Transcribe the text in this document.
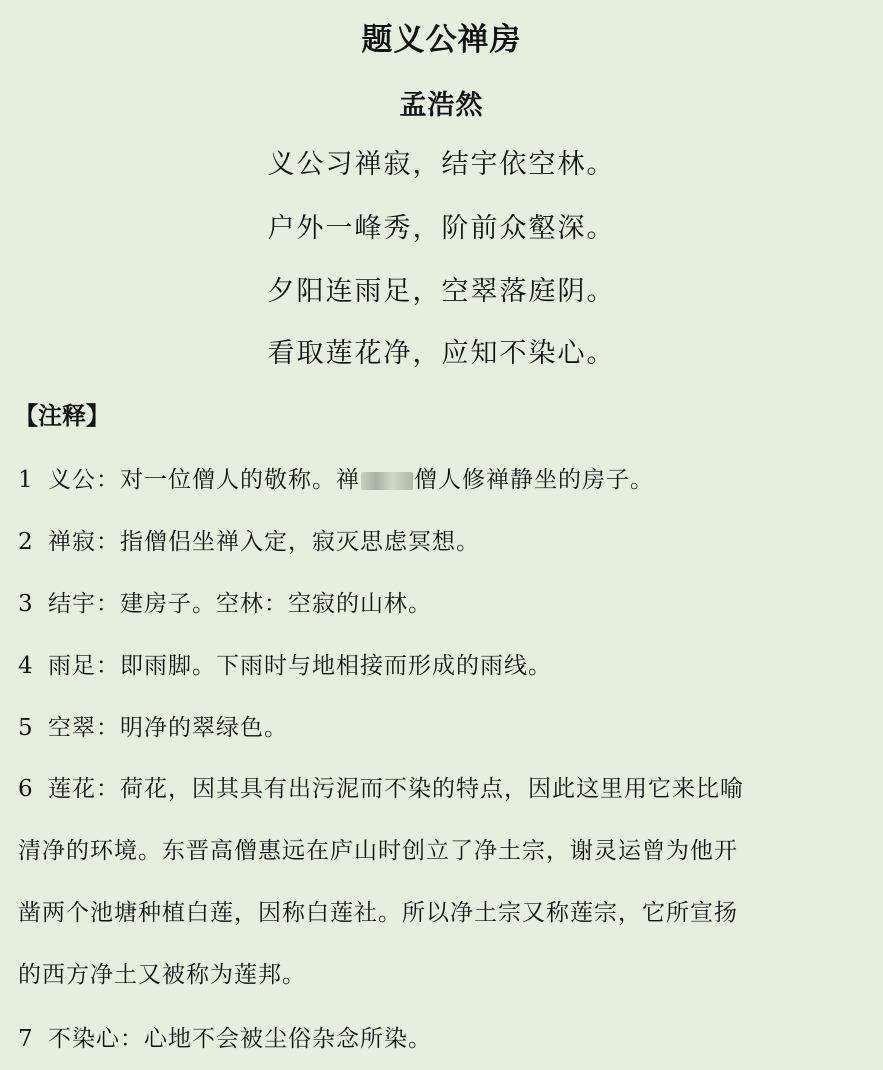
题义公禅房
孟浩然
义公习禅寂，结宇依空林。
户外一峰秀，阶前众壑深。
夕阳连雨足，空翠落庭阴。
看取莲花净，应知不染心。
【注释】
1 义公：对一位僧人的敬称。禅 僧人修禅静坐的房子。
2 禅寂：指僧侣坐禅入定，寂灭思虑冥想。
3 结宇：建房子。空林：空寂的山林。
4 雨足：即雨脚。下雨时与地相接而形成的雨线。
5 空翠：明净的翠绿色。
6 莲花：荷花，因其具有出污泥而不染的特点，因此这里用它来比喻
清净的环境。东晋高僧惠远在庐山时创立了净土宗，谢灵运曾为他开
凿两个池塘种植白莲，因称白莲社。所以净土宗又称莲宗，它所宣扬
的西方净土又被称为莲邦。
7 不染心：心地不会被尘俗杂念所染。
